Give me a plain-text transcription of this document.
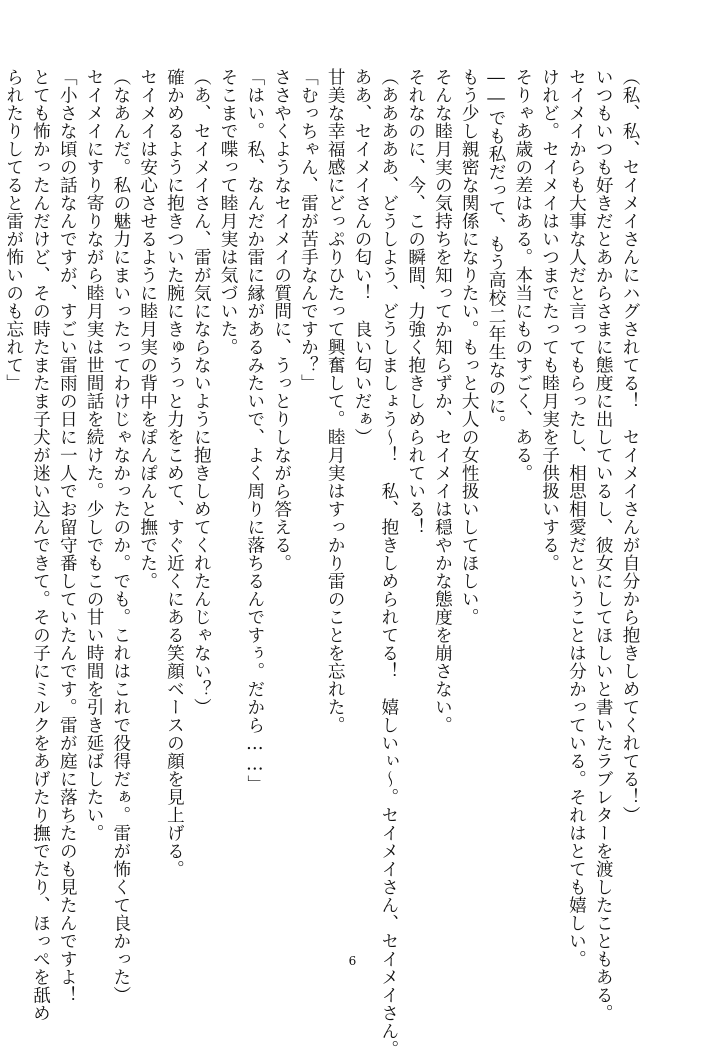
（私、私、セイメイさんにハグされてる！　セイメイさんが自分から抱きしめてくれてる！）
いつもいつも好きだとあからさまに態度に出しているし、彼女にしてほしいと書いたラブレターを渡したこともある。
セイメイからも大事な人だと言ってもらったし、相思相愛だということは分かっている。それはとても嬉しい。
けれど。セイメイはいつまでたっても睦月実を子供扱いする。
そりゃあ歳の差はある。本当にものすごく、ある。
――でも私だって、もう高校二年生なのに。
もう少し親密な関係になりたい。もっと大人の女性扱いしてほしい。
そんな睦月実の気持ちを知ってか知らずか、セイメイは穏やかな態度を崩さない。
それなのに、今、この瞬間、力強く抱きしめられている！
（あああああ、どうしよう、どうしましょう～！　私、抱きしめられてる！　嬉しいぃ～。セイメイさん、セイメイさん。
ああ、セイメイさんの匂い！　良い匂いだぁ）
甘美な幸福感にどっぷりひたって興奮して。睦月実はすっかり雷のことを忘れた。
「むっちゃん、雷が苦手なんですか？」
ささやくようなセイメイの質問に、うっとりしながら答える。
「はい。私、なんだか雷に縁があるみたいで、よく周りに落ちるんですぅ。だから……」
そこまで喋って睦月実は気づいた。
（あ、セイメイさん、雷が気にならないように抱きしめてくれたんじゃない？）
確かめるように抱きついた腕にきゅうっと力をこめて、すぐ近くにある笑顔ベースの顔を見上げる。
セイメイは安心させるように睦月実の背中をぽんぽんと撫でた。
（なあんだ。私の魅力にまいったってわけじゃなかったのか。でも。これはこれで役得だぁ。雷が怖くて良かった）
セイメイにすり寄りながら睦月実は世間話を続けた。少しでもこの甘い時間を引き延ばしたい。
「小さな頃の話なんですが、すごい雷雨の日に一人でお留守番していたんです。雷が庭に落ちたのも見たんですよ！
とても怖かったんだけど、その時たまたま子犬が迷い込んできて。その子にミルクをあげたり撫でたり、ほっぺを舐め
られたりしてると雷が怖いのも忘れて」
6
